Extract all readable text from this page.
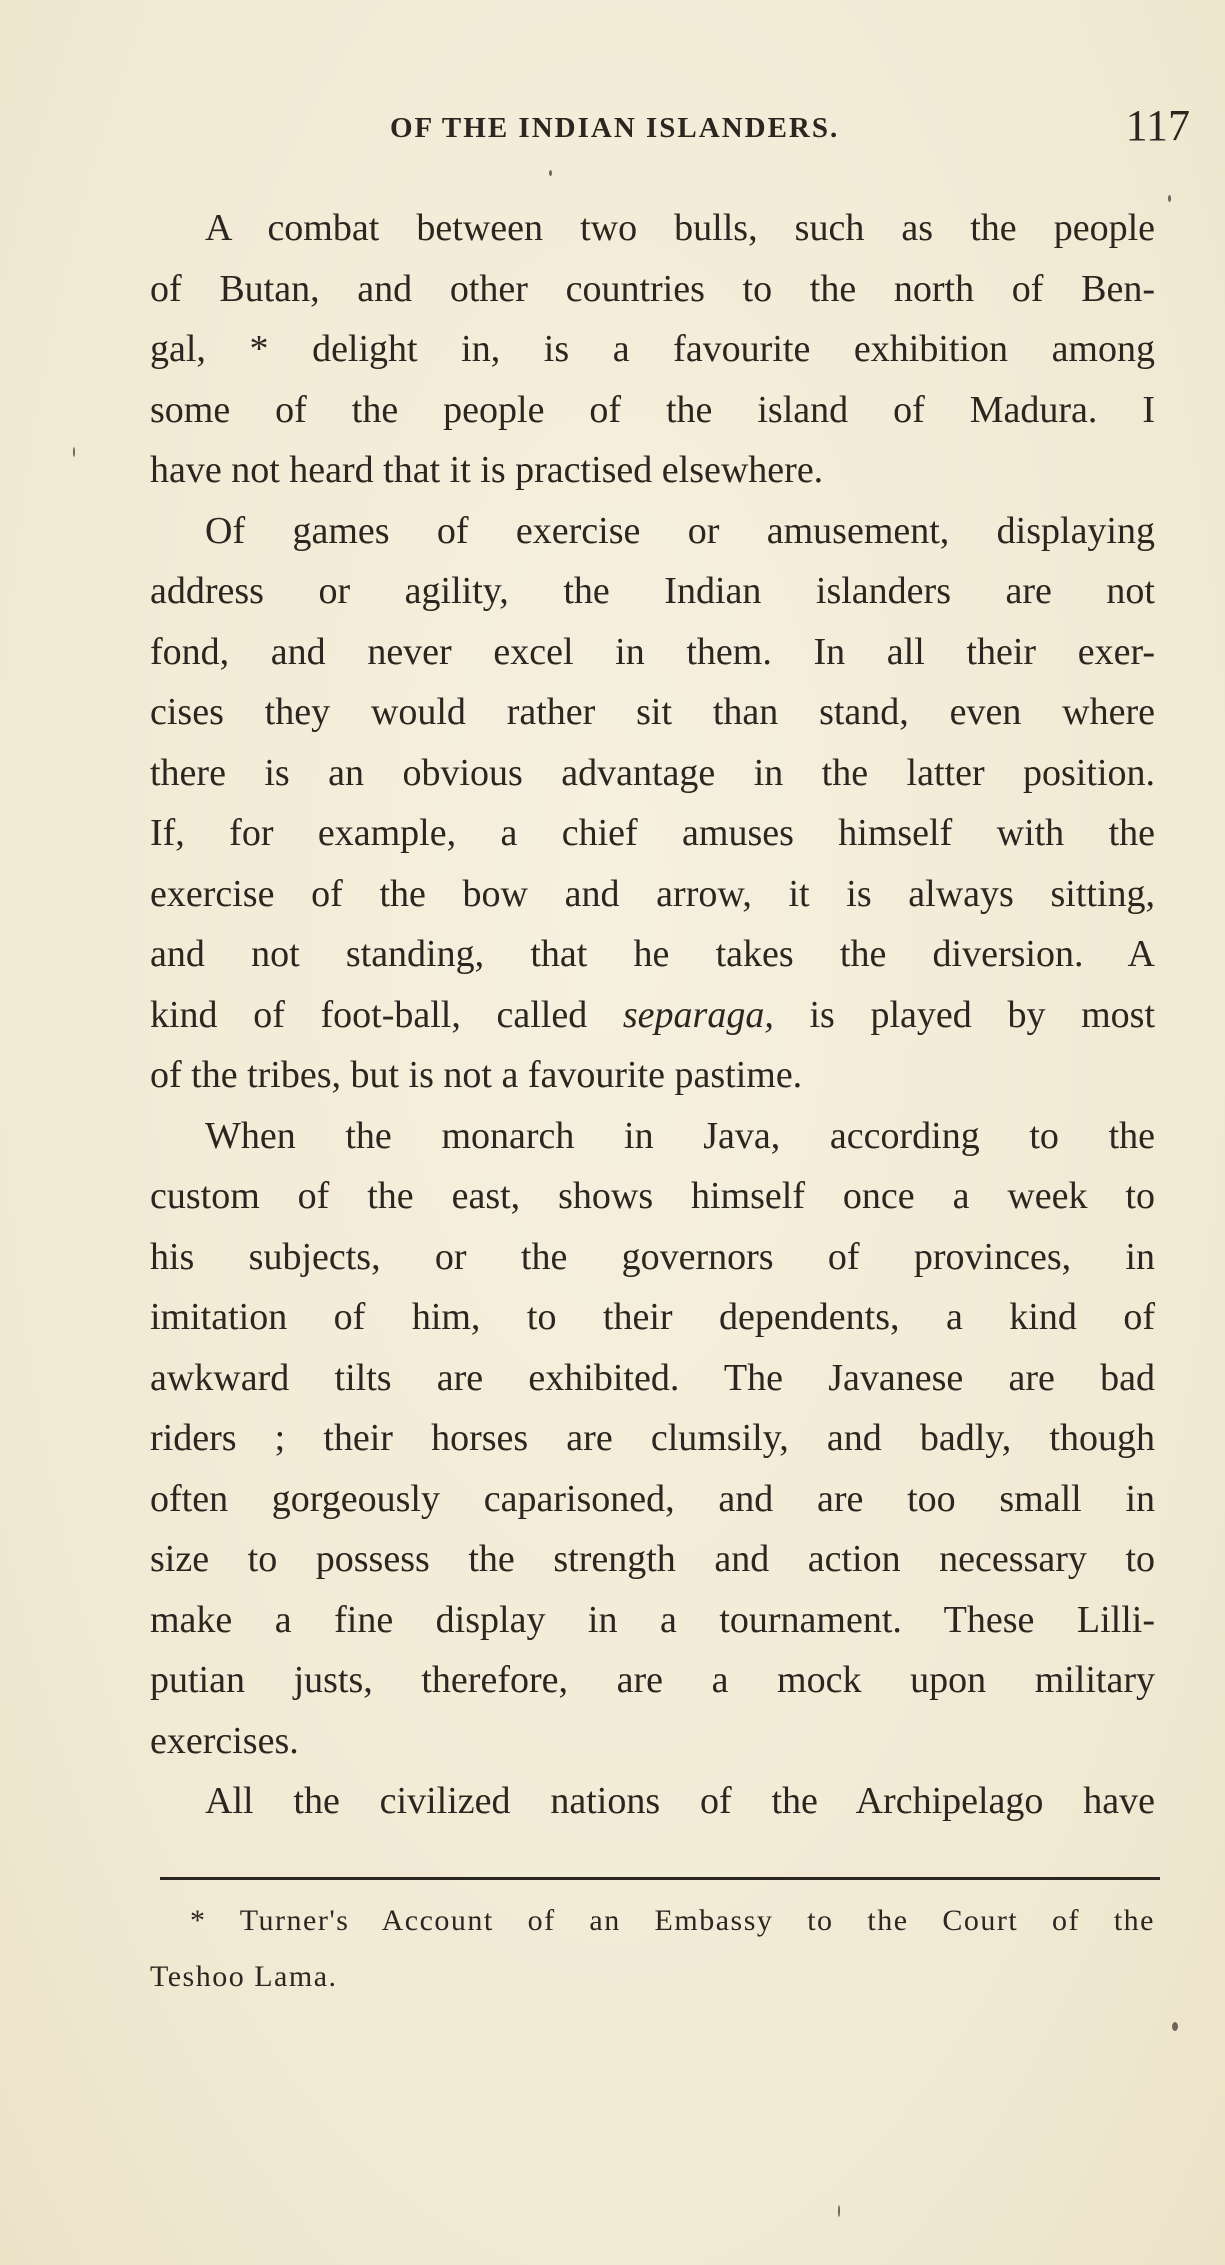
OF THE INDIAN ISLANDERS.	117
A combat between two bulls, such as the people
of Butan, and other countries to the north of Ben-
gal, * delight in, is a favourite exhibition among
some of the people of the island of Madura. I
have not heard that it is practised elsewhere.
Of games of exercise or amusement, displaying
address or agility, the Indian islanders are not
fond, and never excel in them. In all their exer-
cises they would rather sit than stand, even where
there is an obvious advantage in the latter position.
If, for example, a chief amuses himself with the
exercise of the bow and arrow, it is always sitting,
and not standing, that he takes the diversion. A
kind of foot-ball, called separaga, is played by most
of the tribes, but is not a favourite pastime.
When the monarch in Java, according to the
custom of the east, shows himself once a week to
his subjects, or the governors of provinces, in
imitation of him, to their dependents, a kind of
awkward tilts are exhibited. The Javanese are bad
riders ; their horses are clumsily, and badly, though
often gorgeously caparisoned, and are too small in
size to possess the strength and action necessary to
make a fine display in a tournament. These Lilli-
putian justs, therefore, are a mock upon military
exercises.
All the civilized nations of the Archipelago have
* Turner's Account of an Embassy to the Court of the
Teshoo Lama.
